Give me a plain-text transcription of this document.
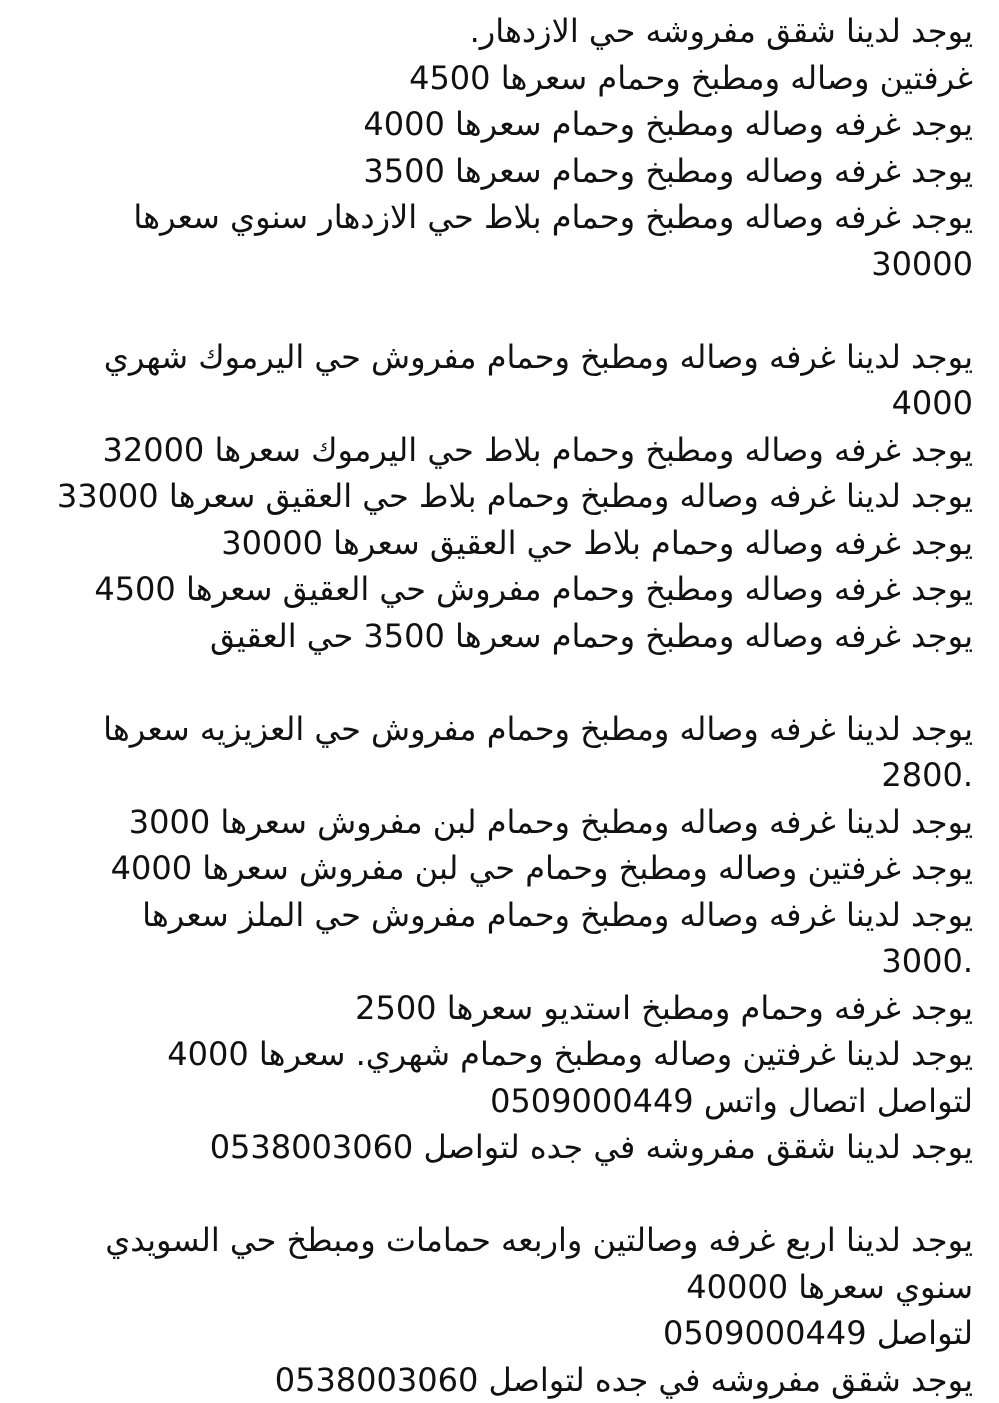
يوجد لدينا شقق مفروشه حي الازدهار.
غرفتين وصاله ومطبخ وحمام سعرها 4500
يوجد غرفه وصاله ومطبخ وحمام سعرها 4000
يوجد غرفه وصاله ومطبخ وحمام سعرها 3500
يوجد غرفه وصاله ومطبخ وحمام بلاط حي الازدهار سنوي سعرها
30000
يوجد لدينا غرفه وصاله ومطبخ وحمام مفروش حي اليرموك شهري
4000
يوجد غرفه وصاله ومطبخ وحمام بلاط حي اليرموك سعرها 32000
يوجد لدينا غرفه وصاله ومطبخ وحمام بلاط حي العقيق سعرها 33000
يوجد غرفه وصاله وحمام بلاط حي العقيق سعرها 30000
يوجد غرفه وصاله ومطبخ وحمام مفروش حي العقيق سعرها 4500
يوجد غرفه وصاله ومطبخ وحمام سعرها 3500 حي العقيق
يوجد لدينا غرفه وصاله ومطبخ وحمام مفروش حي العزيزيه سعرها
2800.
يوجد لدينا غرفه وصاله ومطبخ وحمام لبن مفروش سعرها 3000
يوجد غرفتين وصاله ومطبخ وحمام حي لبن مفروش سعرها 4000
يوجد لدينا غرفه وصاله ومطبخ وحمام مفروش حي الملز سعرها
3000.
يوجد غرفه وحمام ومطبخ استديو سعرها 2500
يوجد لدينا غرفتين وصاله ومطبخ وحمام شهري. سعرها 4000
لتواصل اتصال واتس 0509000449
يوجد لدينا شقق مفروشه في جده لتواصل 0538003060
يوجد لدينا اربع غرفه وصالتين واربعه حمامات ومبطخ حي السويدي
سنوي سعرها 40000
لتواصل 0509000449
يوجد شقق مفروشه في جده لتواصل 0538003060
